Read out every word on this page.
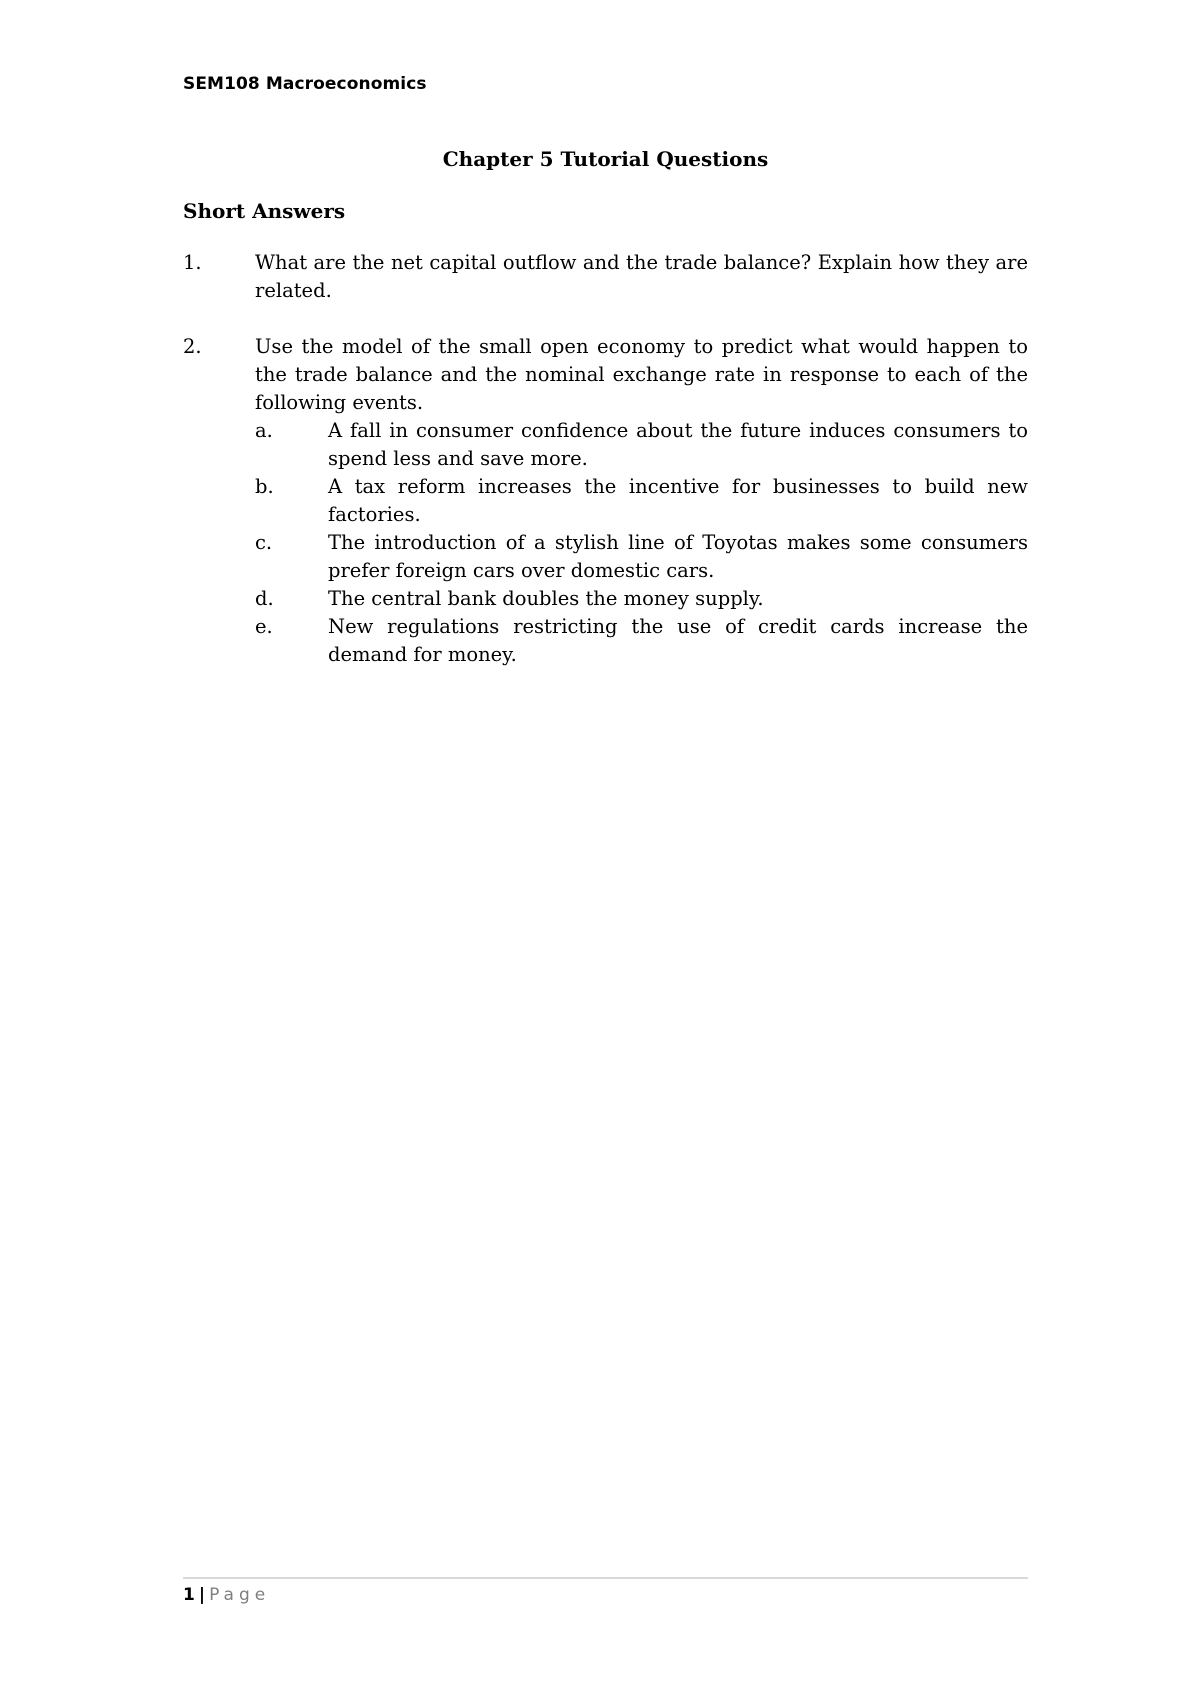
SEM108 Macroeconomics
Chapter 5 Tutorial Questions
Short Answers
1.	What are the net capital outflow and the trade balance? Explain how they are related.
2.	Use the model of the small open economy to predict what would happen to the trade balance and the nominal exchange rate in response to each of the following events.
a.	A fall in consumer confidence about the future induces consumers to spend less and save more.
b.	A tax reform increases the incentive for businesses to build new factories.
c.	The introduction of a stylish line of Toyotas makes some consumers prefer foreign cars over domestic cars.
d.	The central bank doubles the money supply.
e.	New regulations restricting the use of credit cards increase the demand for money.
1 | Page
